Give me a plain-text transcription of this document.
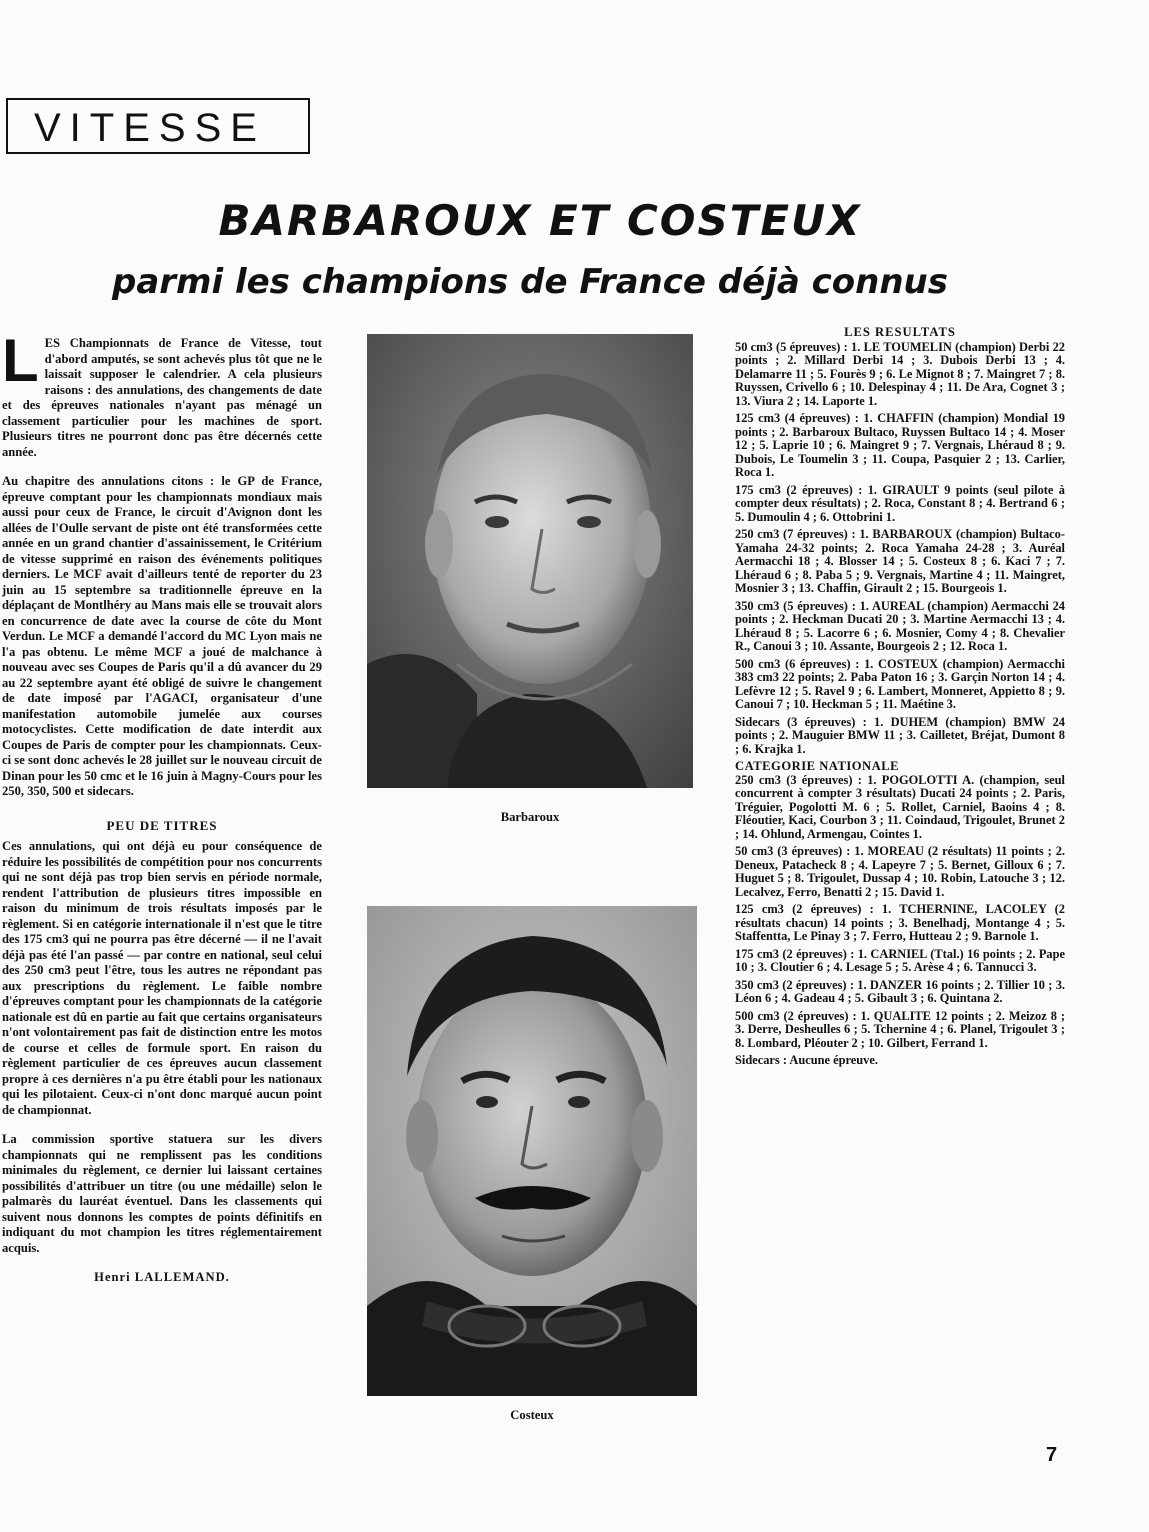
VITESSE
BARBAROUX ET COSTEUX
parmi les champions de France déjà connus

LES Championnats de France de Vitesse, tout d'abord amputés, se sont achevés plus tôt que ne le laissait supposer le calendrier. A cela plusieurs raisons : des annulations, des changements de date et des épreuves nationales n'ayant pas ménagé un classement particulier pour les machines de sport. Plusieurs titres ne pourront donc pas être décernés cette année.

Au chapitre des annulations citons : le GP de France, épreuve comptant pour les championnats mondiaux mais aussi pour ceux de France, le circuit d'Avignon dont les allées de l'Oulle servant de piste ont été transformées cette année en un grand chantier d'assainissement, le Critérium de vitesse supprimé en raison des événements politiques derniers. Le MCF avait d'ailleurs tenté de reporter du 23 juin au 15 septembre sa traditionnelle épreuve en la déplaçant de Montlhéry au Mans mais elle se trouvait alors en concurrence de date avec la course de côte du Mont Verdun. Le MCF a demandé l'accord du MC Lyon mais ne l'a pas obtenu. Le même MCF a joué de malchance à nouveau avec ses Coupes de Paris qu'il a dû avancer du 29 au 22 septembre ayant été obligé de suivre le changement de date imposé par l'AGACI, organisateur d'une manifestation automobile jumelée aux courses motocyclistes. Cette modification de date interdit aux Coupes de Paris de compter pour les championnats. Ceux-ci se sont donc achevés le 28 juillet sur le nouveau circuit de Dinan pour les 50 cmc et le 16 juin à Magny-Cours pour les 250, 350, 500 et sidecars.

PEU DE TITRES

Ces annulations, qui ont déjà eu pour conséquence de réduire les possibilités de compétition pour nos concurrents qui ne sont déjà pas trop bien servis en période normale, rendent l'attribution de plusieurs titres impossible en raison du minimum de trois résultats imposés par le règlement. Si en catégorie internationale il n'est que le titre des 175 cm3 qui ne pourra pas être décerné — il ne l'avait déjà pas été l'an passé — par contre en national, seul celui des 250 cm3 peut l'être, tous les autres ne répondant pas aux prescriptions du règlement. Le faible nombre d'épreuves comptant pour les championnats de la catégorie nationale est dû en partie au fait que certains organisateurs n'ont volontairement pas fait de distinction entre les motos de course et celles de formule sport. En raison du règlement particulier de ces épreuves aucun classement propre à ces dernières n'a pu être établi pour les nationaux qui les pilotaient. Ceux-ci n'ont donc marqué aucun point de championnat.

La commission sportive statuera sur les divers championnats qui ne remplissent pas les conditions minimales du règlement, ce dernier lui laissant certaines possibilités d'attribuer un titre (ou une médaille) selon le palmarès du lauréat éventuel. Dans les classements qui suivent nous donnons les comptes de points définitifs en indiquant du mot champion les titres réglementairement acquis.

Henri LALLEMAND.
Barbaroux
Costeux
LES RESULTATS

50 cm3 (5 épreuves) : 1. LE TOUMELIN (champion) Derbi 22 points ; 2. Millard Derbi 14 ; 3. Dubois Derbi 13 ; 4. Delamarre 11 ; 5. Fourès 9 ; 6. Le Mignot 8 ; 7. Maingret 7 ; 8. Ruyssen, Crivello 6 ; 10. Delespinay 4 ; 11. De Ara, Cognet 3 ; 13. Viura 2 ; 14. Laporte 1.

125 cm3 (4 épreuves) : 1. CHAFFIN (champion) Mondial 19 points ; 2. Barbaroux Bultaco, Ruyssen Bultaco 14 ; 4. Moser 12 ; 5. Laprie 10 ; 6. Maingret 9 ; 7. Vergnais, Lhéraud 8 ; 9. Dubois, Le Toumelin 3 ; 11. Coupa, Pasquier 2 ; 13. Carlier, Roca 1.

175 cm3 (2 épreuves) : 1. GIRAULT 9 points (seul pilote à compter deux résultats) ; 2. Roca, Constant 8 ; 4. Bertrand 6 ; 5. Dumoulin 4 ; 6. Ottobrini 1.

250 cm3 (7 épreuves) : 1. BARBAROUX (champion) Bultaco-Yamaha 24-32 points; 2. Roca Yamaha 24-28 ; 3. Auréal Aermacchi 18 ; 4. Blosser 14 ; 5. Costeux 8 ; 6. Kaci 7 ; 7. Lhéraud 6 ; 8. Paba 5 ; 9. Vergnais, Martine 4 ; 11. Maingret, Mosnier 3 ; 13. Chaffin, Girault 2 ; 15. Bourgeois 1.

350 cm3 (5 épreuves) : 1. AUREAL (champion) Aermacchi 24 points ; 2. Heckman Ducati 20 ; 3. Martine Aermacchi 13 ; 4. Lhéraud 8 ; 5. Lacorre 6 ; 6. Mosnier, Comy 4 ; 8. Chevalier R., Canoui 3 ; 10. Assante, Bourgeois 2 ; 12. Roca 1.

500 cm3 (6 épreuves) : 1. COSTEUX (champion) Aermacchi 383 cm3 22 points; 2. Paba Paton 16 ; 3. Garçin Norton 14 ; 4. Lefèvre 12 ; 5. Ravel 9 ; 6. Lambert, Monneret, Appietto 8 ; 9. Canoui 7 ; 10. Heckman 5 ; 11. Maétine 3.

Sidecars (3 épreuves) : 1. DUHEM (champion) BMW 24 points ; 2. Mauguier BMW 11 ; 3. Cailletet, Bréjat, Dumont 8 ; 6. Krajka 1.

CATEGORIE NATIONALE

250 cm3 (3 épreuves) : 1. POGOLOTTI A. (champion, seul concurrent à compter 3 résultats) Ducati 24 points ; 2. Paris, Tréguier, Pogolotti M. 6 ; 5. Rollet, Carniel, Baoins 4 ; 8. Fléoutier, Kaci, Courbon 3 ; 11. Coindaud, Trigoulet, Brunet 2 ; 14. Ohlund, Armengau, Cointes 1.

50 cm3 (3 épreuves) : 1. MOREAU (2 résultats) 11 points ; 2. Deneux, Patacheck 8 ; 4. Lapeyre 7 ; 5. Bernet, Gilloux 6 ; 7. Huguet 5 ; 8. Trigoulet, Dussap 4 ; 10. Robin, Latouche 3 ; 12. Lecalvez, Ferro, Benatti 2 ; 15. David 1.

125 cm3 (2 épreuves) : 1. TCHERNINE, LACOLEY (2 résultats chacun) 14 points ; 3. Benelhadj, Montange 4 ; 5. Staffentta, Le Pinay 3 ; 7. Ferro, Hutteau 2 ; 9. Barnole 1.

175 cm3 (2 épreuves) : 1. CARNIEL (Ttal.) 16 points ; 2. Pape 10 ; 3. Cloutier 6 ; 4. Lesage 5 ; 5. Arèse 4 ; 6. Tannucci 3.

350 cm3 (2 épreuves) : 1. DANZER 16 points ; 2. Tillier 10 ; 3. Léon 6 ; 4. Gadeau 4 ; 5. Gibault 3 ; 6. Quintana 2.

500 cm3 (2 épreuves) : 1. QUALITE 12 points ; 2. Meizoz 8 ; 3. Derre, Desheulles 6 ; 5. Tchernine 4 ; 6. Planel, Trigoulet 3 ; 8. Lombard, Pléouter 2 ; 10. Gilbert, Ferrand 1.

Sidecars : Aucune épreuve.

7
